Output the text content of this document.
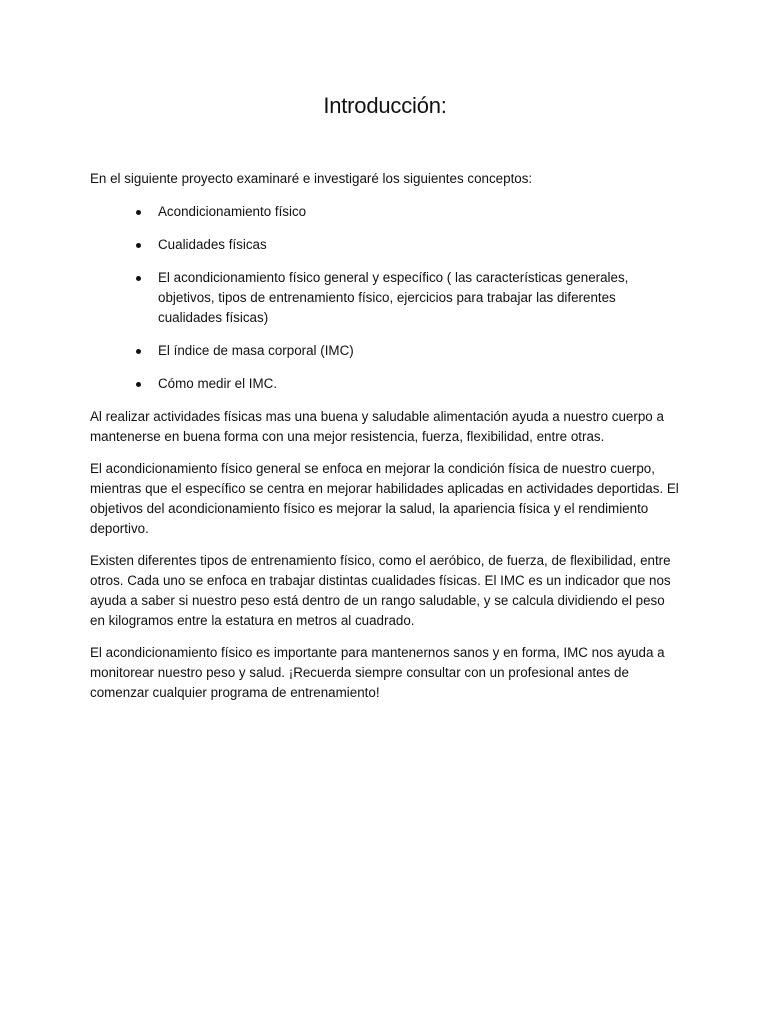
Introducción:

En el siguiente proyecto examinaré e investigaré los siguientes conceptos:

Acondicionamiento físico
Cualidades físicas
El acondicionamiento físico general y específico ( las características generales, objetivos, tipos de entrenamiento físico, ejercicios para trabajar las diferentes cualidades físicas)
El índice de masa corporal (IMC)
Cómo medir el IMC.

Al realizar actividades físicas mas una buena y saludable alimentación ayuda a nuestro cuerpo a mantenerse en buena forma con una mejor resistencia, fuerza, flexibilidad, entre otras.

El acondicionamiento físico general se enfoca en mejorar la condición física de nuestro cuerpo, mientras que el específico se centra en mejorar habilidades aplicadas en actividades deportidas. El objetivos del acondicionamiento físico es mejorar la salud, la apariencia física y el rendimiento deportivo.

Existen diferentes tipos de entrenamiento físico, como el aeróbico, de fuerza, de flexibilidad, entre otros. Cada uno se enfoca en trabajar distintas cualidades físicas. El IMC es un indicador que nos ayuda a saber si nuestro peso está dentro de un rango saludable, y se calcula dividiendo el peso en kilogramos entre la estatura en metros al cuadrado.

El acondicionamiento físico es importante para mantenernos sanos y en forma, IMC nos ayuda a monitorear nuestro peso y salud. ¡Recuerda siempre consultar con un profesional antes de comenzar cualquier programa de entrenamiento!
